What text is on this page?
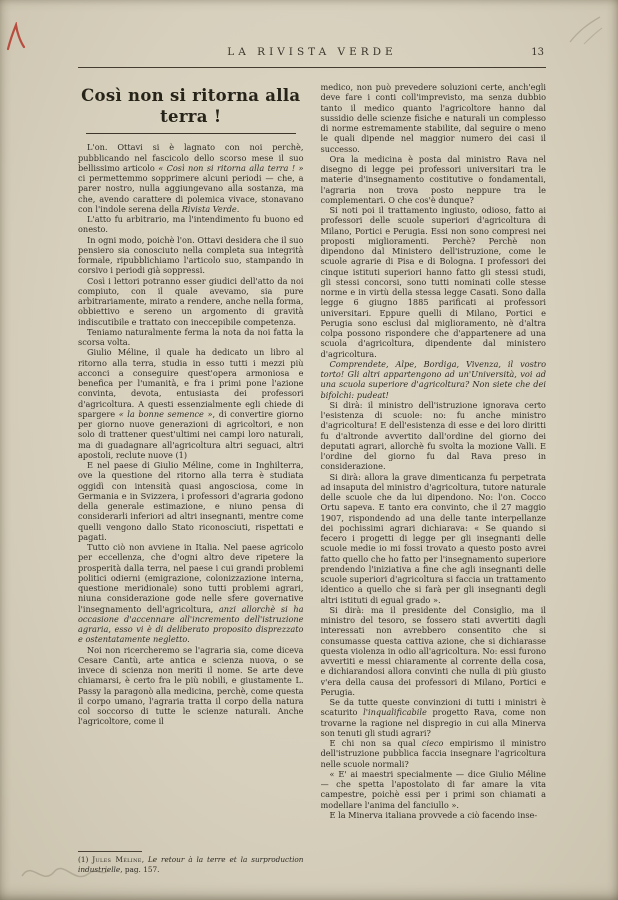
LA RIVISTA VERDE	13
Così non si ritorna alla terra !

L'on. Ottavi si è lagnato con noi perchè, pubblicando nel fascicolo dello scorso mese il suo bellissimo articolo « Così non si ritorna alla terra ! » ci permettemmo sopprimere alcuni periodi — che, a parer nostro, nulla aggiungevano alla sostanza, ma che, avendo carattere di polemica vivace, stonavano con l'indole serena della Rivista Verde.

L'atto fu arbitrario, ma l'intendimento fu buono ed onesto.

In ogni modo, poichè l'on. Ottavi desidera che il suo pensiero sia conosciuto nella completa sua integrità formale, ripubblichiamo l'articolo suo, stampando in corsivo i periodi già soppressi.

Così i lettori potranno esser giudici dell'atto da noi compiuto, con il quale avevamo, sia pure arbitrariamente, mirato a rendere, anche nella forma, obbiettivo e sereno un argomento di gravità indiscutibile e trattato con ineccepibile competenza.

Teniamo naturalmente ferma la nota da noi fatta la scorsa volta.

Giulio Méline, il quale ha dedicato un libro al ritorno alla terra, studia in esso tutti i mezzi più acconci a conseguire quest'opera armoniosa e benefica per l'umanità, e fra i primi pone l'azione convinta, devota, entusiasta dei professori d'agricoltura. A questi essenzialmente egli chiede di spargere « la bonne semence », di convertire giorno per giorno nuove generazioni di agricoltori, e non solo di trattener quest'ultimi nei campi loro naturali, ma di guadagnare all'agricoltura altri seguaci, altri apostoli, reclute nuove (1)

E nel paese di Giulio Méline, come in Inghilterra, ove la questione del ritorno alla terra è studiata oggidì con intensità quasi angosciosa, come in Germania e in Svizzera, i professori d'agraria godono della generale estimazione, e niuno pensa di considerarli inferiori ad altri insegnanti, mentre come quelli vengono dallo Stato riconosciuti, rispettati e pagati.

Tutto ciò non avviene in Italia. Nel paese agricolo per eccellenza, che d'ogni altro deve ripetere la prosperità dalla terra, nel paese i cui grandi problemi politici odierni (emigrazione, colonizzazione interna, questione meridionale) sono tutti problemi agrari, niuna considerazione gode nelle sfere governative l'insegnamento dell'agricoltura, anzi allorchè si ha occasione d'accennare all'incremento dell'istruzione agraria, esso vi è di deliberato proposito disprezzato e ostentatamente negletto.

Noi non ricercheremo se l'agraria sia, come diceva Cesare Cantù, arte antica e scienza nuova, o se invece di scienza non meriti il nome. Se arte deve chiamarsi, è certo fra le più nobili, e giustamente L. Passy la paragonò alla medicina, perchè, come questa il corpo umano, l'agraria tratta il corpo della natura col soccorso di tutte le scienze naturali. Anche l'agricoltore, come il

(1) Jules Méline, Le retour à la terre et la surproduction industrielle, pag. 157.

medico, non può prevedere soluzioni certe, anch'egli deve fare i conti coll'imprevisto, ma senza dubbio tanto il medico quanto l'agricoltore hanno dal sussidio delle scienze fisiche e naturali un complesso di norme estremamente stabilite, dal seguire o meno le quali dipende nel maggior numero dei casi il successo.

Ora la medicina è posta dal ministro Rava nel disegno di legge pei professori universitari tra le materie d'insegnamento costitutive o fondamentali, l'agraria non trova posto neppure tra le complementari. O che cos'è dunque?

Si noti poi il trattamento ingiusto, odioso, fatto ai professori delle scuole superiori d'agricoltura di Milano, Portici e Perugia. Essi non sono compresi nei proposti miglioramenti. Perchè? Perchè non dipendono dal Ministero dell'istruzione, come le scuole agrarie di Pisa e di Bologna. I professori dei cinque istituti superiori hanno fatto gli stessi studi, gli stessi concorsi, sono tutti nominati colle stesse norme e in virtù della stessa legge Casati. Sono dalla legge 6 giugno 1885 parificati ai professori universitari. Eppure quelli di Milano, Portici e Perugia sono esclusi dal miglioramento, nè d'altra colpa possono rispondere che d'appartenere ad una scuola d'agricoltura, dipendente dal ministero d'agricoltura.

Comprendete, Alpe, Bordiga, Vivenza, il vostro torto! Gli altri appartengono ad un'Università, voi ad una scuola superiore d'agricoltura? Non siete che dei bifolchi: pudeat!

Si dirà: il ministro dell'istruzione ignorava certo l'esistenza di scuole: no: fu anche ministro d'agricoltura! E dell'esistenza di esse e dei loro diritti fu d'altronde avvertito dall'ordine del giorno dei deputati agrari, allorchè fu svolta la mozione Valli. E l'ordine del giorno fu dal Rava preso in considerazione.

Si dirà: allora la grave dimenticanza fu perpetrata ad insaputa del ministro d'agricoltura, tutore naturale delle scuole che da lui dipendono. No: l'on. Cocco Ortu sapeva. E tanto era convinto, che il 27 maggio 1907, rispondendo ad una delle tante interpellanze dei pochissimi agrari dichiarava: « Se quando si fecero i progetti di legge per gli insegnanti delle scuole medie io mi fossi trovato a questo posto avrei fatto quello che ho fatto per l'insegnamento superiore prendendo l'iniziativa a fine che agli insegnanti delle scuole superiori d'agricoltura si faccia un trattamento identico a quello che si farà per gli insegnanti degli altri istituti di egual grado ».

Si dirà: ma il presidente del Consiglio, ma il ministro del tesoro, se fossero stati avvertiti dagli interessati non avrebbero consentito che si consumasse questa cattiva azione, che si dichiarasse questa violenza in odio all'agricoltura. No: essi furono avvertiti e messi chiaramente al corrente della cosa, e dichiarandosi allora convinti che nulla di più giusto v'era della causa dei professori di Milano, Portici e Perugia.

Se da tutte queste convinzioni di tutti i ministri è scaturito l'inqualificabile progetto Rava, come non trovarne la ragione nel dispregio in cui alla Minerva son tenuti gli studi agrari?

E chi non sa qual cieco empirismo il ministro dell'istruzione pubblica faccia insegnare l'agricoltura nelle scuole normali?

« E' ai maestri specialmente — dice Giulio Méline — che spetta l'apostolato di far amare la vita campestre, poichè essi per i primi son chiamati a modellare l'anima del fanciullo ».

E la Minerva italiana provvede a ciò facendo inse-
